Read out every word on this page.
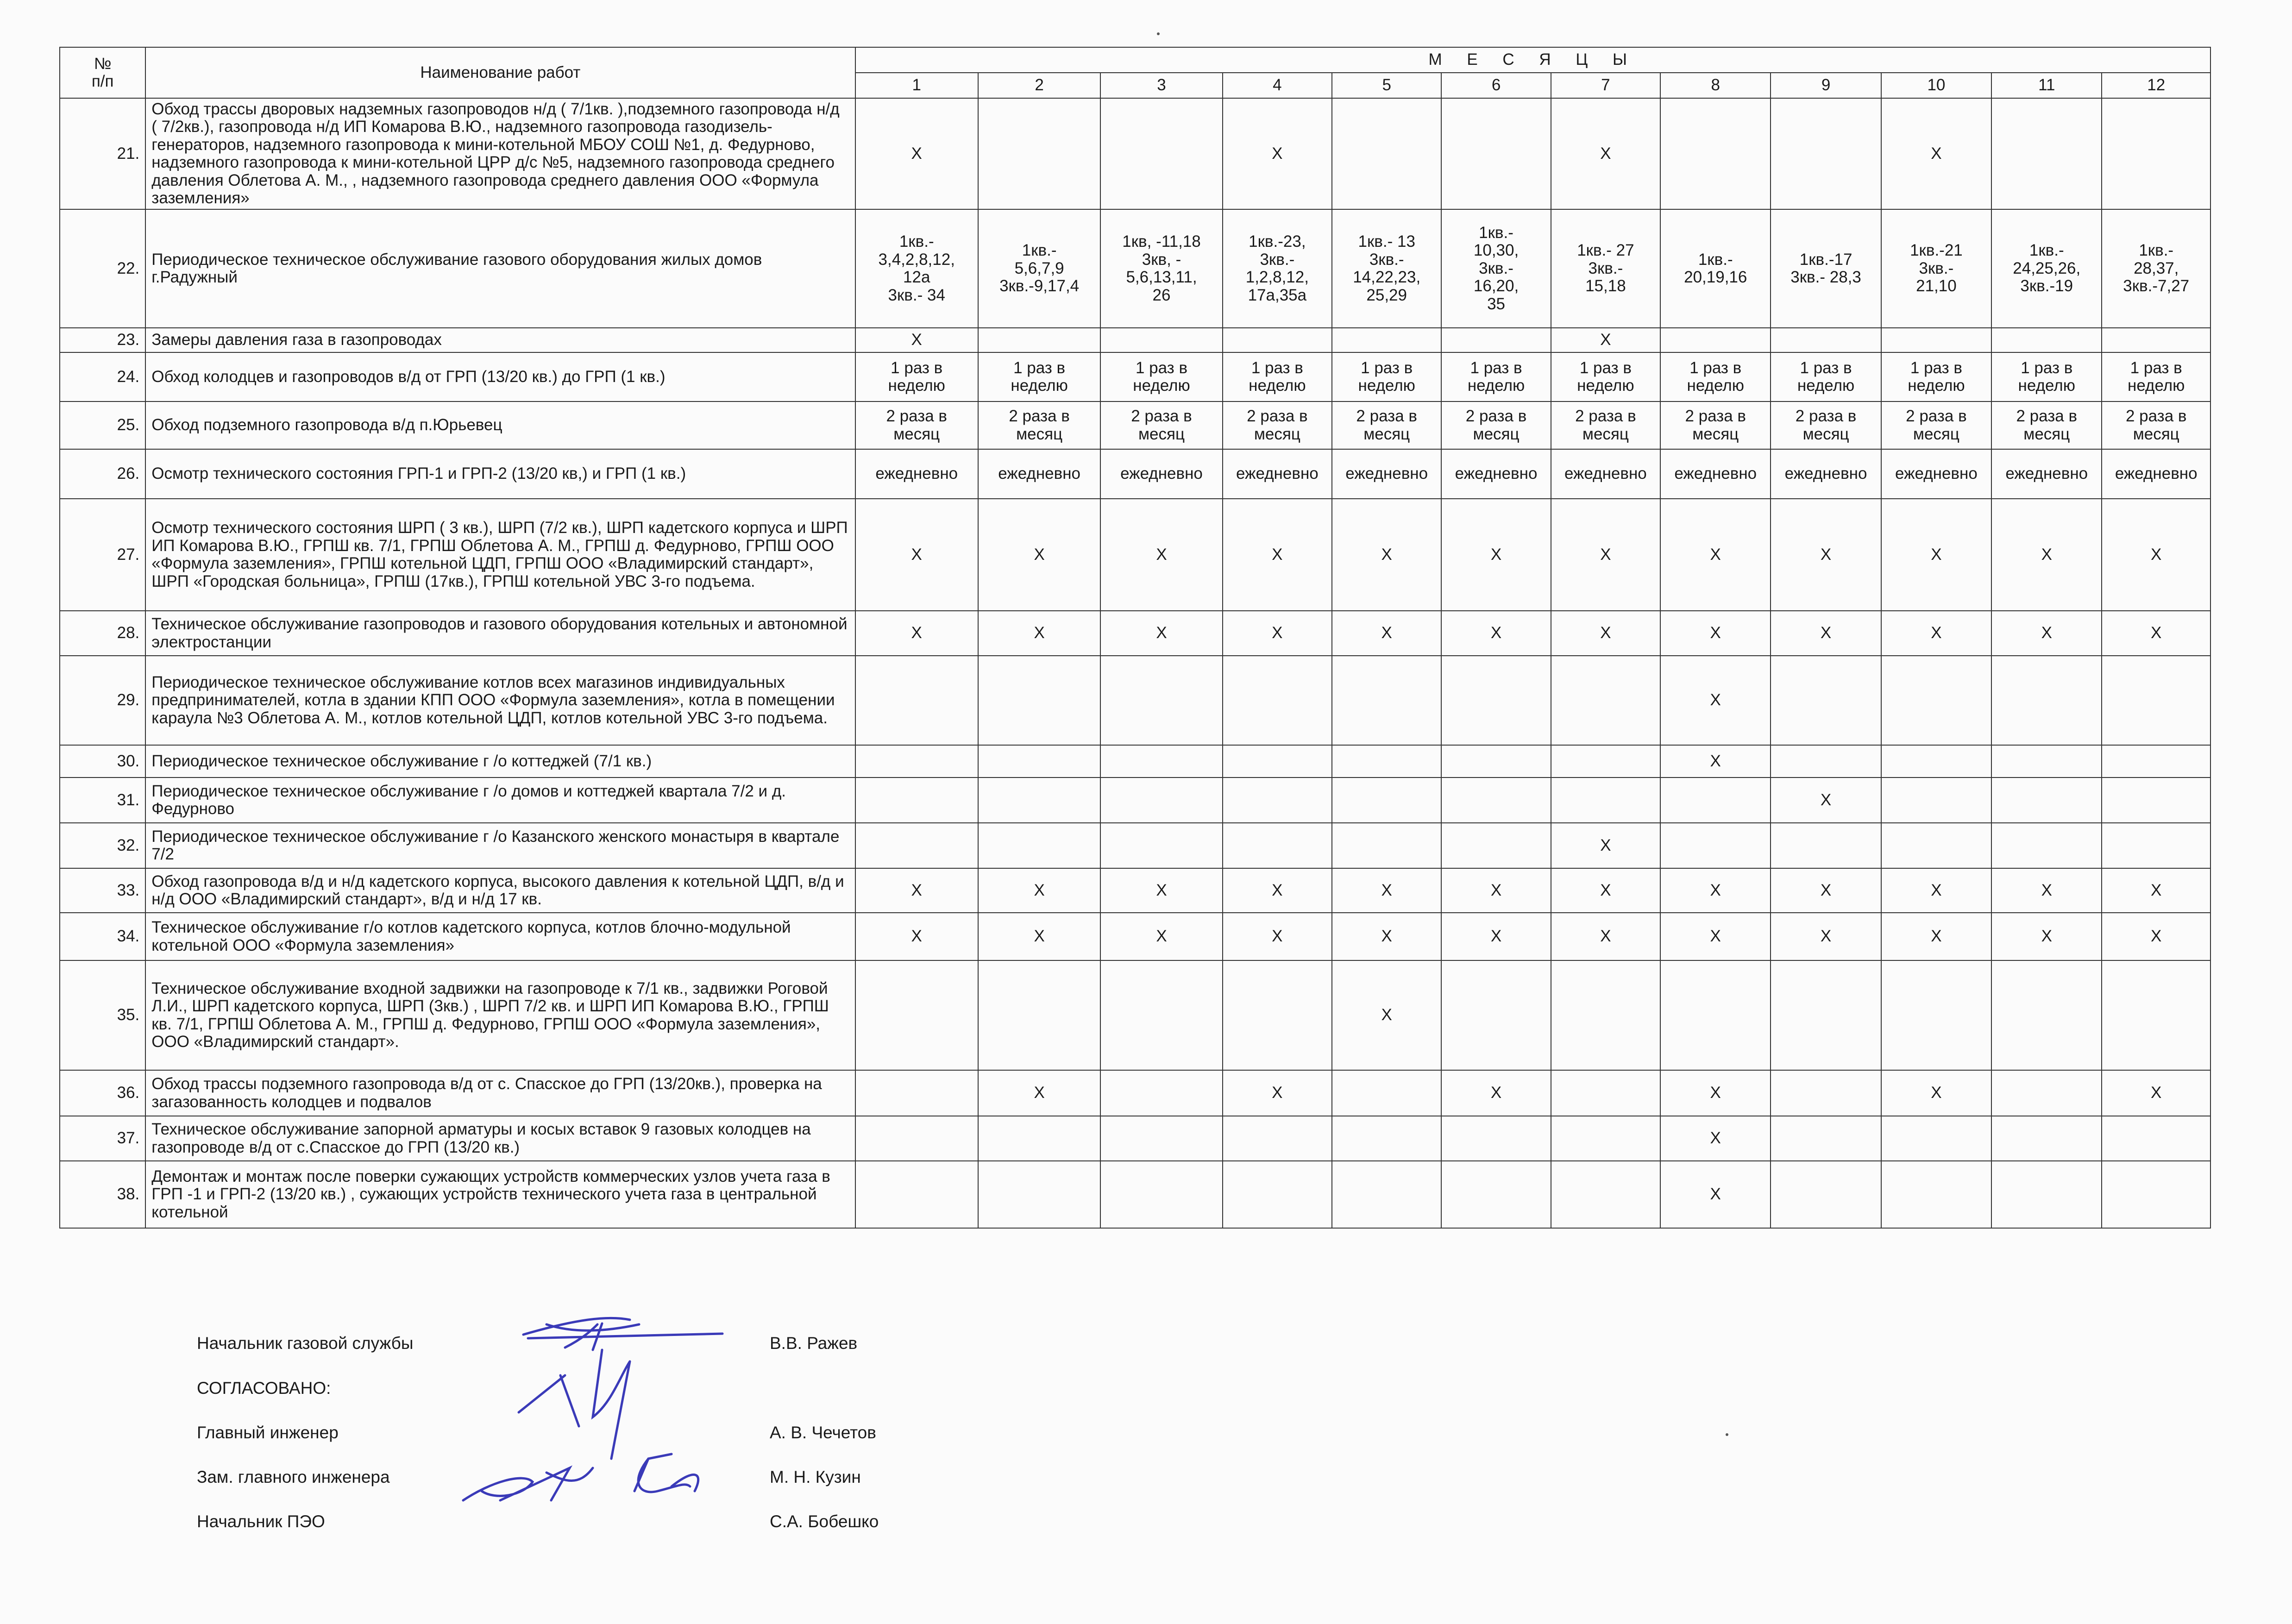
№
п/п	Наименование работ	М Е С Я Ц Ы											
		1	2	3	4	5	6	7	8	9	10	11	12
21.	Обход трассы дворовых надземных газопроводов н/д ( 7/1кв. ),подземного газопровода н/д ( 7/2кв.), газопровода н/д ИП Комарова В.Ю., надземного газопровода газодизель-генераторов, надземного газопровода к мини-котельной МБОУ СОШ №1, д. Федурново, надземного газопровода к мини-котельной ЦРР д/с №5, надземного газопровода среднего давления Облетова А. М., , надземного газопровода среднего давления ООО «Формула заземления»	X			X			X			X		
22.	Периодическое техническое обслуживание газового оборудования жилых домов г.Радужный	1кв.-
3,4,2,8,12,
12а
3кв.- 34	1кв.-
5,6,7,9
3кв.-9,17,4	1кв, -11,18
3кв, -
5,6,13,11,
26	1кв.-23,
3кв.-
1,2,8,12,
17а,35а	1кв.- 13
3кв.-
14,22,23,
25,29	1кв.-
10,30,
3кв.-
16,20,
35	1кв.- 27
3кв.-
15,18	1кв.-
20,19,16	1кв.-17
3кв.- 28,3	1кв.-21
3кв.-
21,10	1кв.-
24,25,26,
3кв.-19	1кв.-
28,37,
3кв.-7,27
23.	Замеры давления газа в газопроводах	X						X					
24.	Обход колодцев и газопроводов в/д от ГРП (13/20 кв.) до ГРП (1 кв.)	1 раз в
неделю	1 раз в
неделю	1 раз в
неделю	1 раз в
неделю	1 раз в
неделю	1 раз в
неделю	1 раз в
неделю	1 раз в
неделю	1 раз в
неделю	1 раз в
неделю	1 раз в
неделю	1 раз в
неделю
25.	Обход подземного газопровода в/д п.Юрьевец	2 раза в
месяц	2 раза в
месяц	2 раза в
месяц	2 раза в
месяц	2 раза в
месяц	2 раза в
месяц	2 раза в
месяц	2 раза в
месяц	2 раза в
месяц	2 раза в
месяц	2 раза в
месяц	2 раза в
месяц
26.	Осмотр технического состояния ГРП-1 и ГРП-2 (13/20 кв,) и ГРП (1 кв.)	ежедневно	ежедневно	ежедневно	ежедневно	ежедневно	ежедневно	ежедневно	ежедневно	ежедневно	ежедневно	ежедневно	ежедневно
27.	Осмотр технического состояния ШРП ( 3 кв.), ШРП (7/2 кв.), ШРП кадетского корпуса и ШРП ИП Комарова В.Ю., ГРПШ кв. 7/1, ГРПШ Облетова А. М., ГРПШ д. Федурново, ГРПШ ООО «Формула заземления», ГРПШ котельной ЦДП, ГРПШ ООО «Владимирский стандарт», ШРП «Городская больница», ГРПШ (17кв.), ГРПШ котельной УВС 3-го подъема.	X	X	X	X	X	X	X	X	X	X	X	X
28.	Техническое обслуживание газопроводов и газового оборудования котельных и автономной электростанции	X	X	X	X	X	X	X	X	X	X	X	X
29.	Периодическое техническое обслуживание котлов всех магазинов индивидуальных предпринимателей, котла в здании КПП ООО «Формула заземления», котла в помещении караула №3 Облетова А. М., котлов котельной ЦДП, котлов котельной УВС 3-го подъема.								X				
30.	Периодическое техническое обслуживание г /о коттеджей (7/1 кв.)								X				
31.	Периодическое техническое обслуживание г /о домов и коттеджей квартала 7/2 и д. Федурново									X			
32.	Периодическое техническое обслуживание г /о Казанского женского монастыря в квартале 7/2							X					
33.	Обход газопровода в/д и н/д кадетского корпуса, высокого давления к котельной ЦДП, в/д и н/д ООО «Владимирский стандарт», в/д и н/д 17 кв.	X	X	X	X	X	X	X	X	X	X	X	X
34.	Техническое обслуживание г/о котлов кадетского корпуса, котлов блочно-модульной котельной ООО «Формула заземления»	X	X	X	X	X	X	X	X	X	X	X	X
35.	Техническое обслуживание входной задвижки на газопроводе к 7/1 кв., задвижки Роговой Л.И., ШРП кадетского корпуса, ШРП (3кв.) , ШРП 7/2 кв. и ШРП ИП Комарова В.Ю., ГРПШ кв. 7/1, ГРПШ Облетова А. М., ГРПШ д. Федурново, ГРПШ ООО «Формула заземления», ООО «Владимирский стандарт».					X							
36.	Обход трассы подземного газопровода в/д от с. Спасское до ГРП (13/20кв.), проверка на загазованность колодцев и подвалов		X		X		X		X		X		X
37.	Техническое обслуживание запорной арматуры и косых вставок 9 газовых колодцев на газопроводе в/д от с.Спасское до ГРП (13/20 кв.)								X				
38.	Демонтаж и монтаж после поверки сужающих устройств коммерческих узлов учета газа в ГРП -1 и ГРП-2 (13/20 кв.) , сужающих устройств технического учета газа в центральной котельной								X				
Начальник газовой службы	В.В. Ражев
СОГЛАСОВАНО:
Главный инженер	А. В. Чечетов
Зам. главного инженера	М. Н. Кузин
Начальник ПЭО	С.А. Бобешко
